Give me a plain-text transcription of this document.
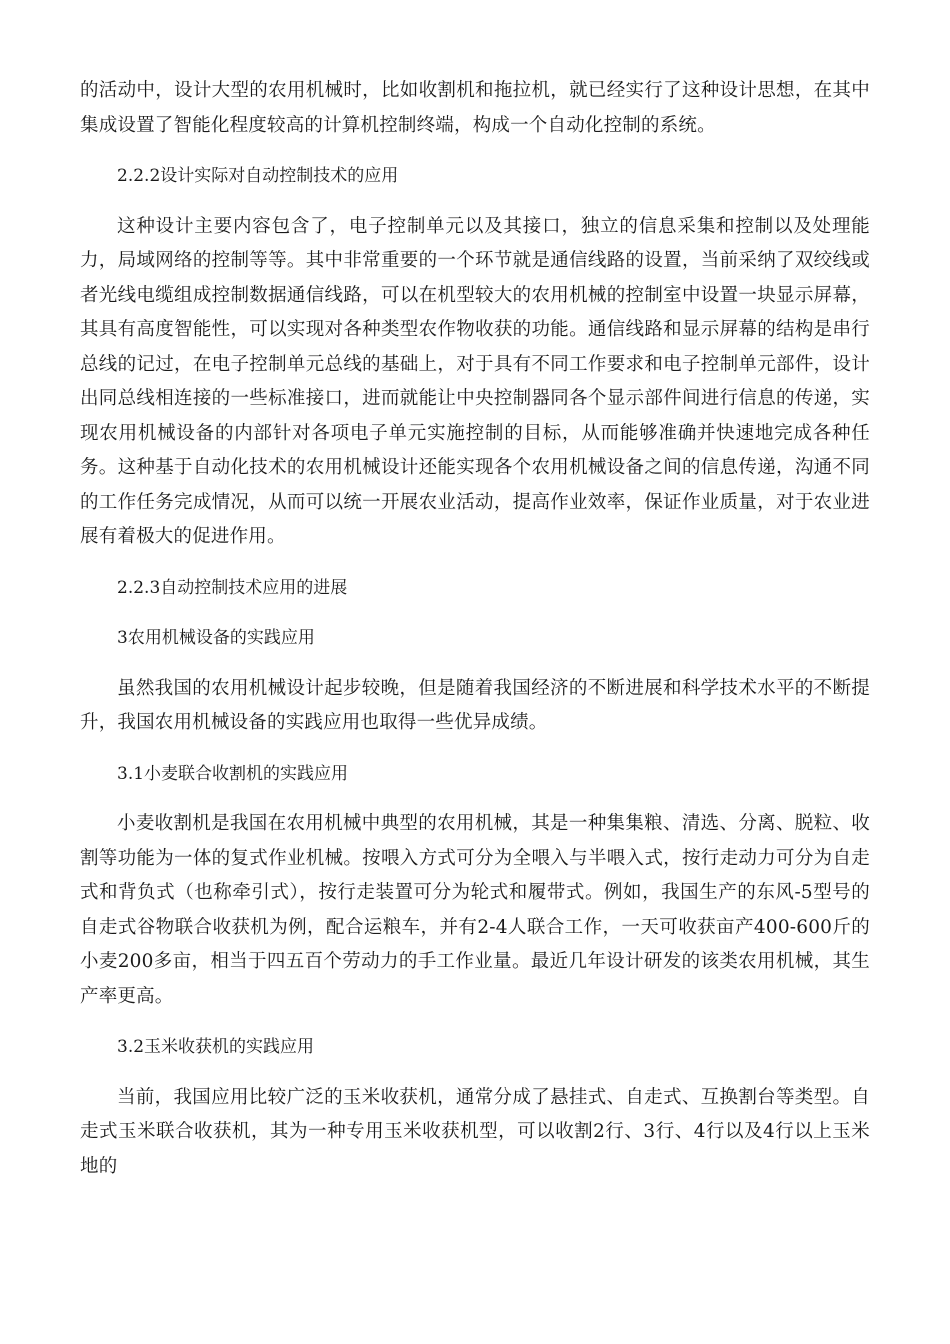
的活动中，设计大型的农用机械时，比如收割机和拖拉机，就已经实行了这种设计思想，在其中集成设置了智能化程度较高的计算机控制终端，构成一个自动化控制的系统。

2.2.2设计实际对自动控制技术的应用

这种设计主要内容包含了，电子控制单元以及其接口，独立的信息采集和控制以及处理能力，局域网络的控制等等。其中非常重要的一个环节就是通信线路的设置，当前采纳了双绞线或者光线电缆组成控制数据通信线路，可以在机型较大的农用机械的控制室中设置一块显示屏幕，其具有高度智能性，可以实现对各种类型农作物收获的功能。通信线路和显示屏幕的结构是串行总线的记过，在电子控制单元总线的基础上，对于具有不同工作要求和电子控制单元部件，设计出同总线相连接的一些标准接口，进而就能让中央控制器同各个显示部件间进行信息的传递，实现农用机械设备的内部针对各项电子单元实施控制的目标，从而能够准确并快速地完成各种任务。这种基于自动化技术的农用机械设计还能实现各个农用机械设备之间的信息传递，沟通不同的工作任务完成情况，从而可以统一开展农业活动，提高作业效率，保证作业质量，对于农业进展有着极大的促进作用。

2.2.3自动控制技术应用的进展

3农用机械设备的实践应用

虽然我国的农用机械设计起步较晚，但是随着我国经济的不断进展和科学技术水平的不断提升，我国农用机械设备的实践应用也取得一些优异成绩。

3.1小麦联合收割机的实践应用

小麦收割机是我国在农用机械中典型的农用机械，其是一种集集粮、清选、分离、脱粒、收割等功能为一体的复式作业机械。按喂入方式可分为全喂入与半喂入式，按行走动力可分为自走式和背负式（也称牵引式），按行走装置可分为轮式和履带式。例如，我国生产的东风-5型号的自走式谷物联合收获机为例，配合运粮车，并有2-4人联合工作，一天可收获亩产400-600斤的小麦200多亩，相当于四五百个劳动力的手工作业量。最近几年设计研发的该类农用机械，其生产率更高。

3.2玉米收获机的实践应用

当前，我国应用比较广泛的玉米收获机，通常分成了悬挂式、自走式、互换割台等类型。自走式玉米联合收获机，其为一种专用玉米收获机型，可以收割2行、3行、4行以及4行以上玉米地的
